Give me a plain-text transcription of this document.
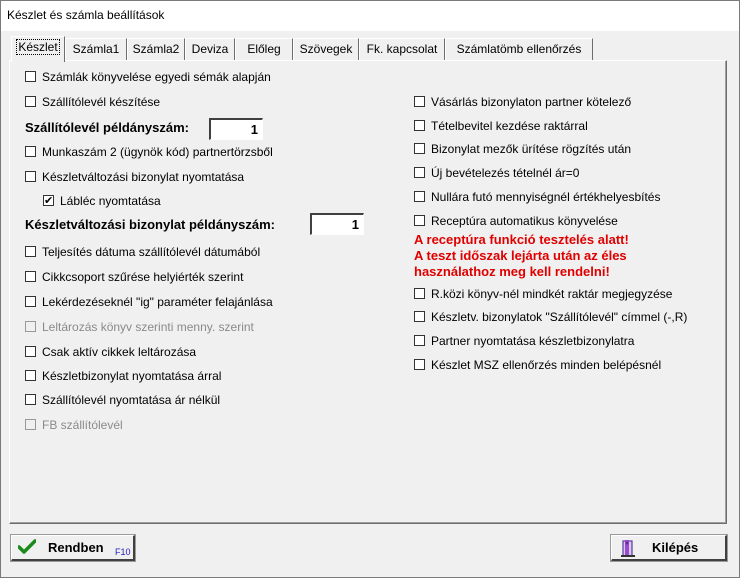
Készlet és számla beállítások
Készlet	Számla1	Számla2	Deviza	Előleg	Szövegek	Fk. kapcsolat	Számlatömb ellenőrzés
Számlák könyvelése egyedi sémák alapján
Szállítólevél készítése
Szállítólevél példányszám:	1
Munkaszám 2 (ügynök kód) partnertörzsből
Készletváltozási bizonylat nyomtatása
✔
Lábléc nyomtatása
Készletváltozási bizonylat példányszám:	1
Teljesítés dátuma szállítólevél dátumából
Cikkcsoport szűrése helyiérték szerint
Lekérdezéseknél "ig" paraméter felajánlása
Leltározás könyv szerinti menny. szerint
Csak aktív cikkek leltározása
Készletbizonylat nyomtatása árral
Szállítólevél nyomtatása ár nélkül
FB szállítólevél
Vásárlás bizonylaton partner kötelező
Tételbevitel kezdése raktárral
Bizonylat mezők ürítése rögzítés után
Új bevételezés tételnél ár=0
Nullára futó mennyiségnél értékhelyesbítés
Receptúra automatikus könyvelése
A receptúra funkció tesztelés alatt!
A teszt időszak lejárta után az éles
használathoz meg kell rendelni!
R.közi könyv-nél mindkét raktár megjegyzése
Készletv. bizonylatok "Szállítólevél" címmel (-,R)
Partner nyomtatása készletbizonylatra
Készlet MSZ ellenőrzés minden belépésnél
Rendben F10	Kilépés
